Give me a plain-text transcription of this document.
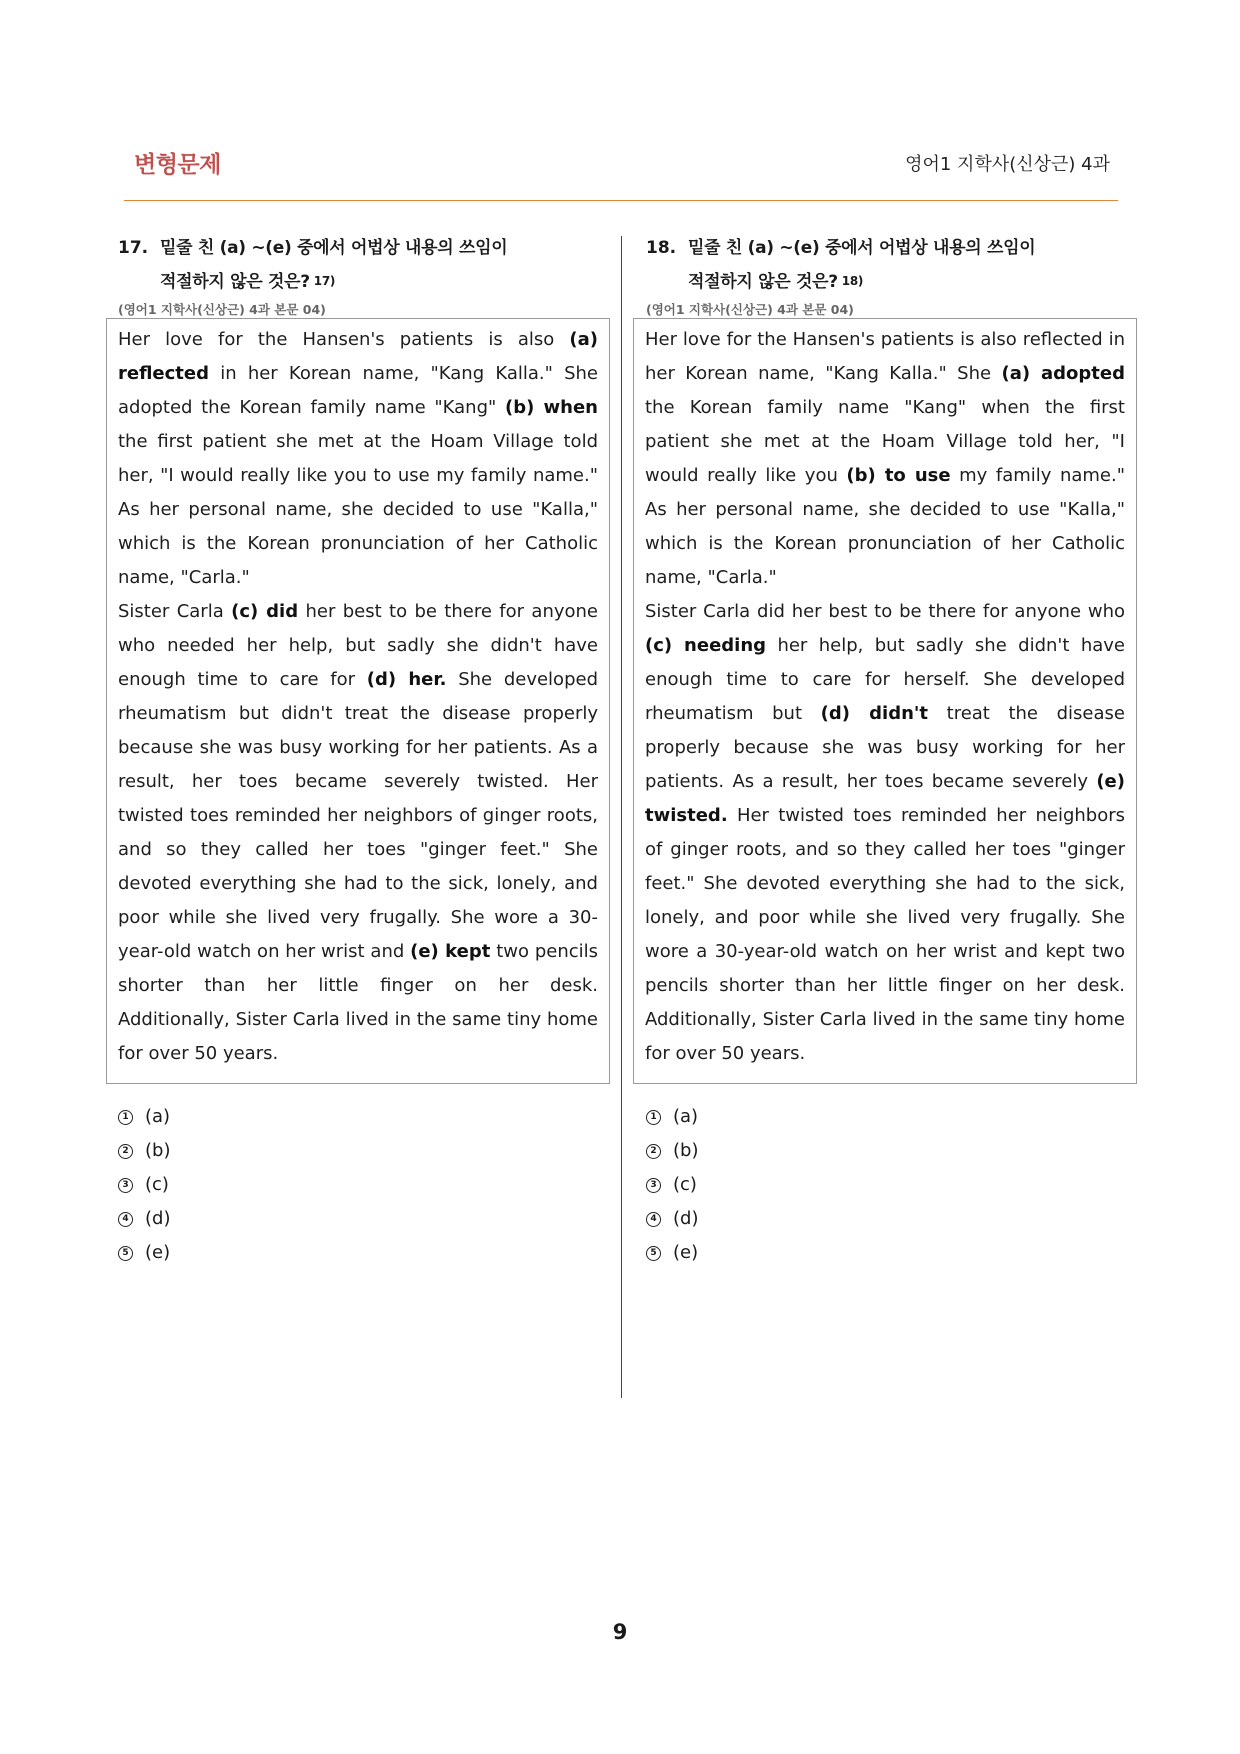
변형문제	영어1 지학사(신상근) 4과
17. 밑줄 친 (a) ~(e) 중에서 어법상 내용의 쓰임이
적절하지 않은 것은? 17)
(영어1 지학사(신상근) 4과 본문 04)

Her love for the Hansen's patients is also (a) reflected in her Korean name, "Kang Kalla." She adopted the Korean family name "Kang" (b) when the first patient she met at the Hoam Village told her, "I would really like you to use my family name." As her personal name, she decided to use "Kalla," which is the Korean pronunciation of her Catholic name, "Carla."
Sister Carla (c) did her best to be there for anyone who needed her help, but sadly she didn't have enough time to care for (d) her. She developed rheumatism but didn't treat the disease properly because she was busy working for her patients. As a result, her toes became severely twisted. Her twisted toes reminded her neighbors of ginger roots, and so they called her toes "ginger feet." She devoted everything she had to the sick, lonely, and poor while she lived very frugally. She wore a 30-year-old watch on her wrist and (e) kept two pencils shorter than her little finger on her desk. Additionally, Sister Carla lived in the same tiny home for over 50 years.

1 (a)
2 (b)
3 (c)
4 (d)
5 (e)
18. 밑줄 친 (a) ~(e) 중에서 어법상 내용의 쓰임이
적절하지 않은 것은? 18)
(영어1 지학사(신상근) 4과 본문 04)

Her love for the Hansen's patients is also reflected in her Korean name, "Kang Kalla." She (a) adopted the Korean family name "Kang" when the first patient she met at the Hoam Village told her, "I would really like you (b) to use my family name." As her personal name, she decided to use "Kalla," which is the Korean pronunciation of her Catholic name, "Carla."
Sister Carla did her best to be there for anyone who (c) needing her help, but sadly she didn't have enough time to care for herself. She developed rheumatism but (d) didn't treat the disease properly because she was busy working for her patients. As a result, her toes became severely (e) twisted. Her twisted toes reminded her neighbors of ginger roots, and so they called her toes "ginger feet." She devoted everything she had to the sick, lonely, and poor while she lived very frugally. She wore a 30-year-old watch on her wrist and kept two pencils shorter than her little finger on her desk. Additionally, Sister Carla lived in the same tiny home for over 50 years.

1 (a)
2 (b)
3 (c)
4 (d)
5 (e)
9
